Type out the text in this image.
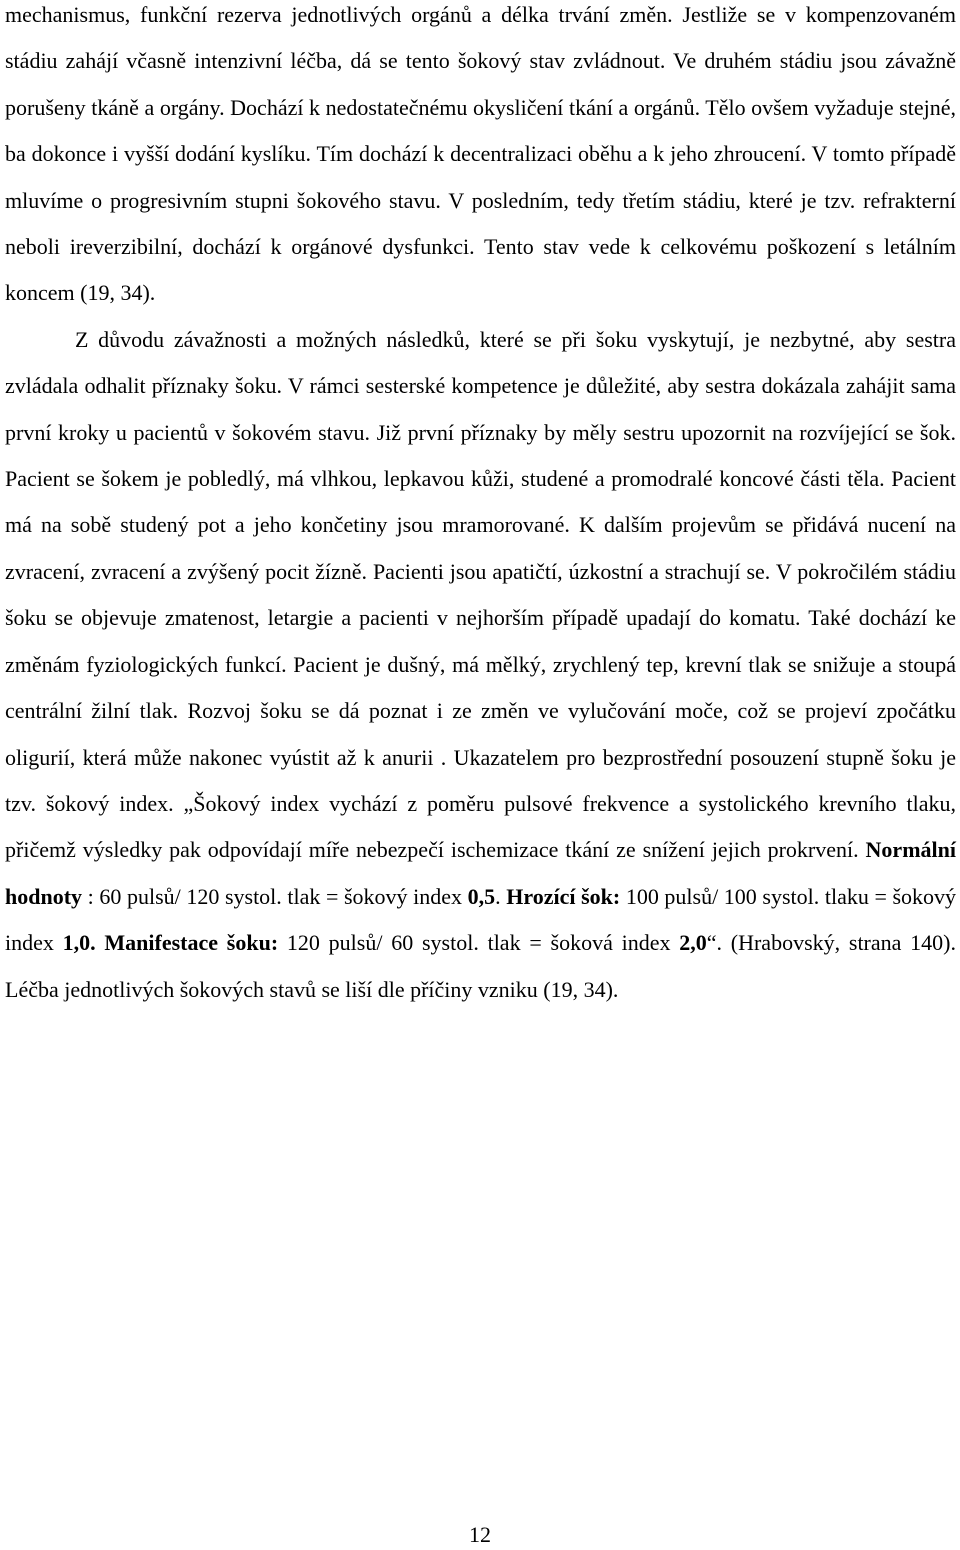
mechanismus, funkční rezerva jednotlivých orgánů a délka trvání změn. Jestliže se v kompenzovaném stádiu zahájí včasně intenzivní léčba, dá se tento šokový stav zvládnout. Ve druhém stádiu jsou závažně porušeny tkáně a orgány. Dochází k nedostatečnému okysličení tkání a orgánů. Tělo ovšem vyžaduje stejné, ba dokonce i vyšší dodání kyslíku. Tím dochází k decentralizaci oběhu a k jeho zhroucení. V tomto případě mluvíme o progresivním stupni šokového stavu. V posledním, tedy třetím stádiu, které je tzv. refrakterní neboli ireverzibilní, dochází k orgánové dysfunkci. Tento stav vede k celkovému poškození s letálním koncem (19, 34).

Z důvodu závažnosti a možných následků, které se při šoku vyskytují, je nezbytné, aby sestra zvládala odhalit příznaky šoku. V rámci sesterské kompetence je důležité, aby sestra dokázala zahájit sama první kroky u pacientů v šokovém stavu. Již první příznaky by měly sestru upozornit na rozvíjející se šok. Pacient se šokem je pobledlý, má vlhkou, lepkavou kůži, studené a promodralé koncové části těla. Pacient má na sobě studený pot a jeho končetiny jsou mramorované. K dalším projevům se přidává nucení na zvracení, zvracení a zvýšený pocit žízně. Pacienti jsou apatičtí, úzkostní a strachují se. V pokročilém stádiu šoku se objevuje zmatenost, letargie a pacienti v nejhorším případě upadají do komatu. Také dochází ke změnám fyziologických funkcí. Pacient je dušný, má mělký, zrychlený tep, krevní tlak se snižuje a stoupá centrální žilní tlak. Rozvoj šoku se dá poznat i ze změn ve vylučování moče, což se projeví zpočátku oligurií, která může nakonec vyústit až k anurii . Ukazatelem pro bezprostřední posouzení stupně šoku je tzv. šokový index. „Šokový index vychází z poměru pulsové frekvence a systolického krevního tlaku, přičemž výsledky pak odpovídají míře nebezpečí ischemizace tkání ze snížení jejich prokrvení. Normální hodnoty : 60 pulsů/ 120 systol. tlak = šokový index 0,5. Hrozící šok: 100 pulsů/ 100 systol. tlaku = šokový index 1,0. Manifestace šoku: 120 pulsů/ 60 systol. tlak = šoková index 2,0“. (Hrabovský, strana 140). Léčba jednotlivých šokových stavů se liší dle příčiny vzniku (19, 34).

12
